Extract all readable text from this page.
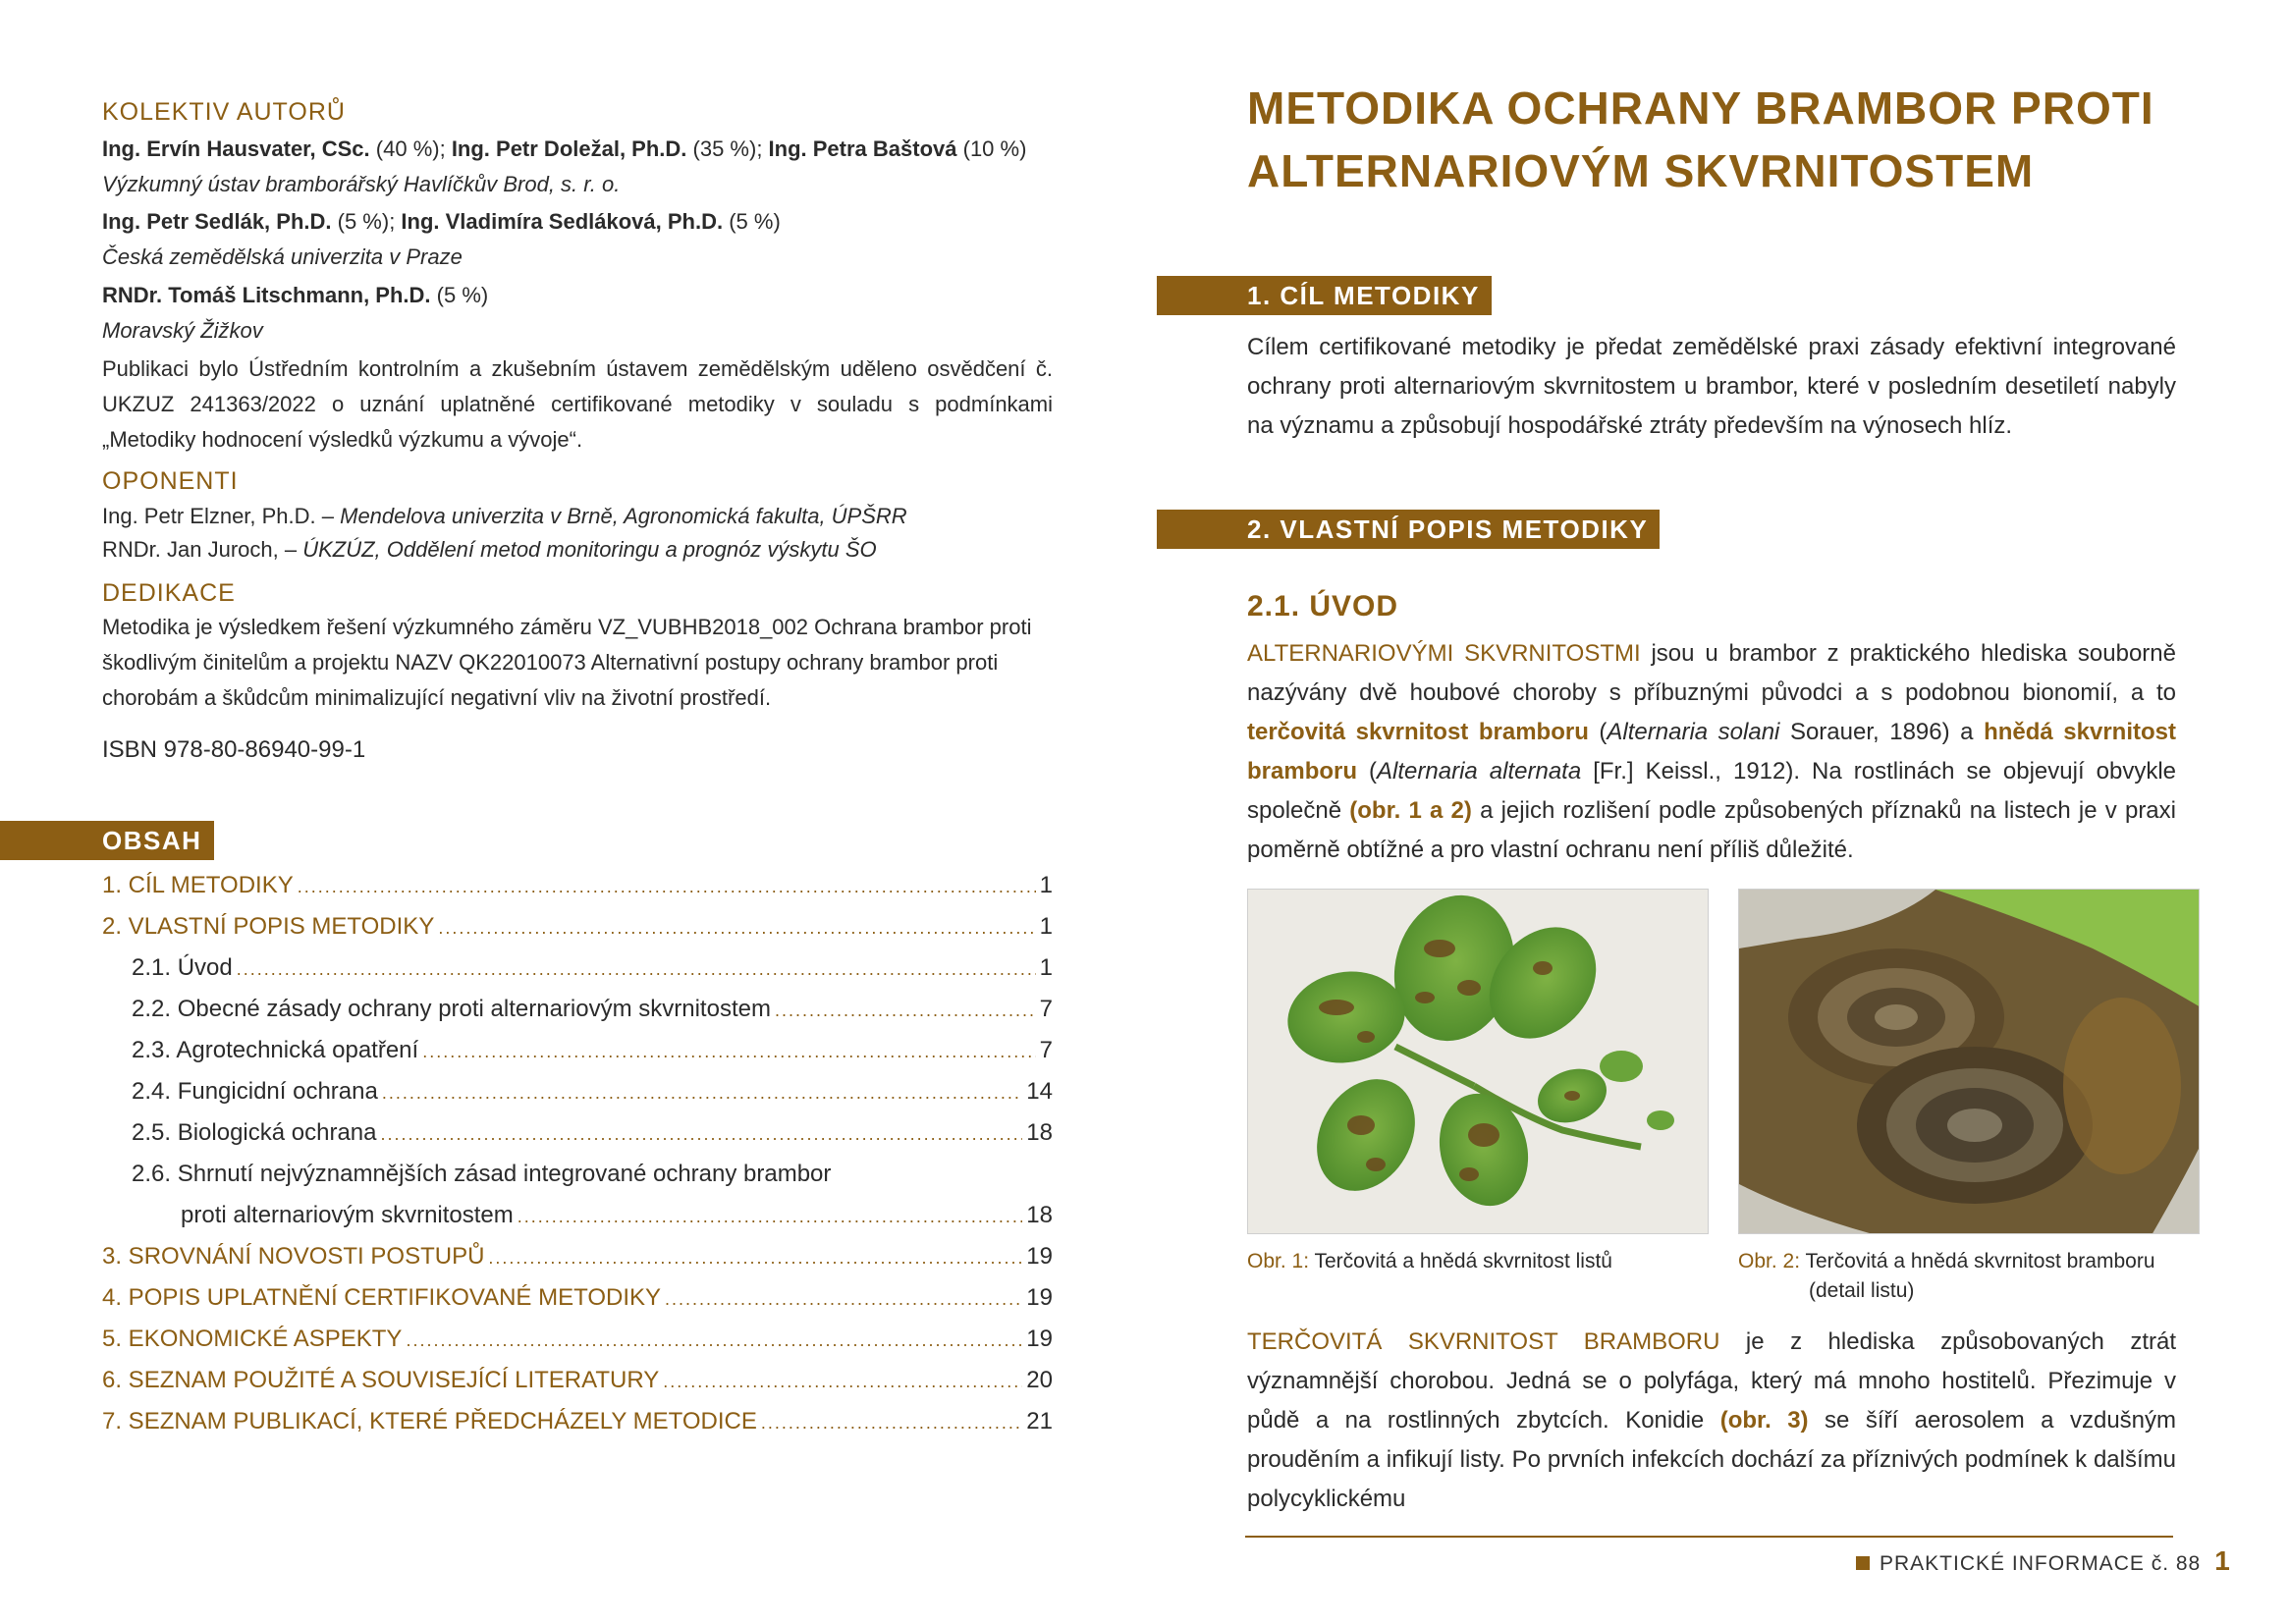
KOLEKTIV AUTORŮ

Ing. Ervín Hausvater, CSc. (40 %); Ing. Petr Doležal, Ph.D. (35 %); Ing. Petra Baštová (10 %)

Výzkumný ústav bramborářský Havlíčkův Brod, s. r. o.

Ing. Petr Sedlák, Ph.D. (5 %); Ing. Vladimíra Sedláková, Ph.D. (5 %)

Česká zemědělská univerzita v Praze

RNDr. Tomáš Litschmann, Ph.D. (5 %)

Moravský Žižkov

Publikaci bylo Ústředním kontrolním a zkušebním ústavem zemědělským uděleno osvědčení č. UKZUZ 241363/2022 o uznání uplatněné certifikované metodiky v souladu s podmínkami „Metodiky hodnocení výsledků výzkumu a vývoje“.

OPONENTI

Ing. Petr Elzner, Ph.D. – Mendelova univerzita v Brně, Agronomická fakulta, ÚPŠRR

RNDr. Jan Juroch, – ÚKZÚZ, Oddělení metod monitoringu a prognóz výskytu ŠO

DEDIKACE

Metodika je výsledkem řešení výzkumného záměru VZ_VUBHB2018_002 Ochrana brambor proti škodlivým činitelům a projektu NAZV QK22010073 Alternativní postupy ochrany brambor proti chorobám a škůdcům minimalizující negativní vliv na životní prostředí.

ISBN 978-80-86940-99-1

OBSAH
1. CÍL METODIKY .....	1
2. VLASTNÍ POPIS METODIKY .....	1
2.1. Úvod .....	1
2.2. Obecné zásady ochrany proti alternariovým skvrnitostem .....	7
2.3. Agrotechnická opatření .....	7
2.4. Fungicidní ochrana .....	14
2.5. Biologická ochrana .....	18
2.6. Shrnutí nejvýznamnějších zásad integrované ochrany brambor
proti alternariovým skvrnitostem .....	18
3. SROVNÁNÍ NOVOSTI POSTUPŮ .....	19
4. POPIS UPLATNĚNÍ CERTIFIKOVANÉ METODIKY .....	19
5. EKONOMICKÉ ASPEKTY .....	19
6. SEZNAM POUŽITÉ A SOUVISEJÍCÍ LITERATURY .....	20
7. SEZNAM PUBLIKACÍ, KTERÉ PŘEDCHÁZELY METODICE .....	21
METODIKA OCHRANY BRAMBOR PROTI
ALTERNARIOVÝM SKVRNITOSTEM
1. CÍL METODIKY

Cílem certifikované metodiky je předat zemědělské praxi zásady efektivní integrované ochrany proti alternariovým skvrnitostem u brambor, které v posledním desetiletí nabyly na významu a způsobují hospodářské ztráty především na výnosech hlíz.

2. VLASTNÍ POPIS METODIKY
2.1. ÚVOD

ALTERNARIOVÝMI SKVRNITOSTMI jsou u brambor z praktického hlediska souborně nazývány dvě houbové choroby s příbuznými původci a s podobnou bionomií, a to terčovitá skvrnitost bramboru (Alternaria solani Sorauer, 1896) a hnědá skvrnitost bramboru (Alternaria alternata [Fr.] Keissl., 1912). Na rostlinách se objevují obvykle společně (obr. 1 a 2) a jejich rozlišení podle způsobených příznaků na listech je v praxi poměrně obtížné a pro vlastní ochranu není příliš důležité.

Obr. 1: Terčovitá a hnědá skvrnitost listů	Obr. 2: Terčovitá a hnědá skvrnitost bramboru
(detail listu)

TERČOVITÁ SKVRNITOST BRAMBORU je z hlediska způsobovaných ztrát významnější chorobou. Jedná se o polyfága, který má mnoho hostitelů. Přezimuje v půdě a na rostlinných zbytcích. Konidie (obr. 3) se šíří aerosolem a vzdušným prouděním a infikují listy. Po prvních infekcích dochází za příznivých podmínek k dalšímu polycyklickému

PRAKTICKÉ INFORMACE č. 88 1
